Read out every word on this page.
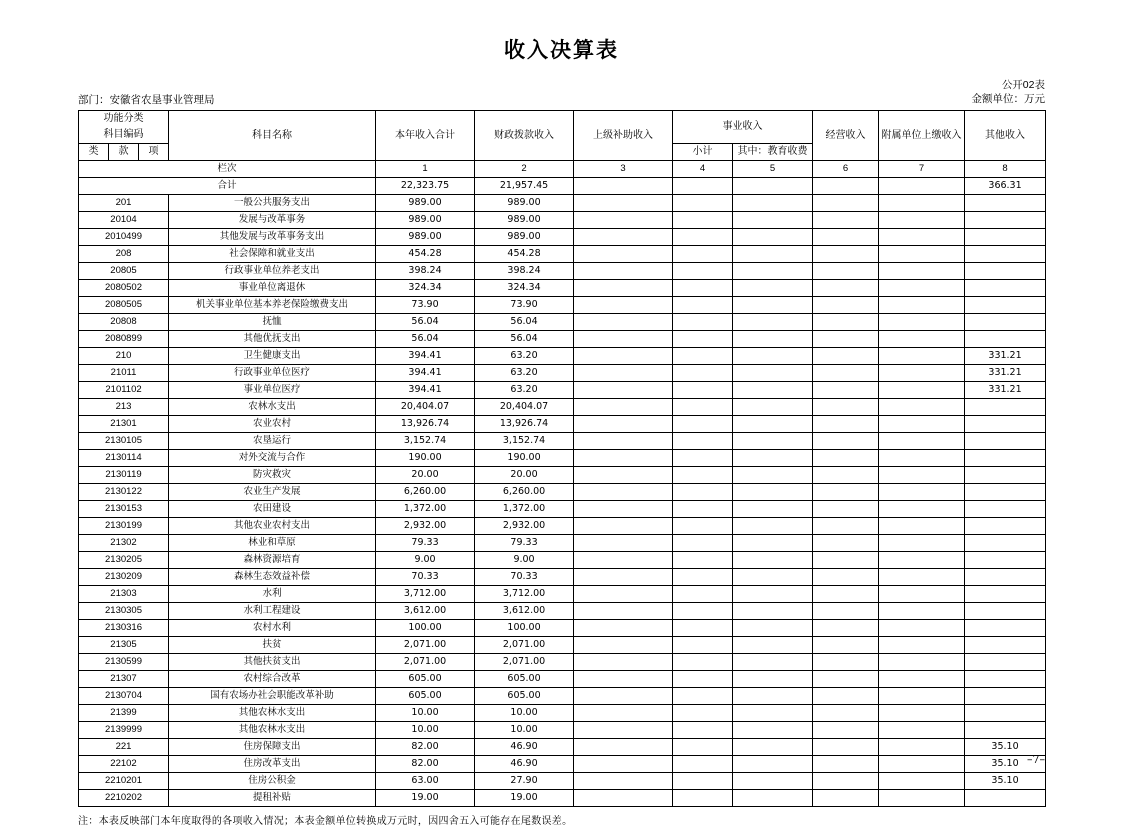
收入决算表
公开02表
金额单位：万元
部门：安徽省农垦事业管理局
功能分类
科目编码			科目名称	本年收入合计	财政拨款收入	上级补助收入	事业收入		经营收入	附属单位上缴收入	其他收入
类	款	项					小计	其中：教育收费			
栏次				1	2	3	4	5	6	7	8
合计				22,323.75	21,957.45						366.31
201			一般公共服务支出	989.00	989.00						
20104			发展与改革事务	989.00	989.00						
2010499			其他发展与改革事务支出	989.00	989.00						
208			社会保障和就业支出	454.28	454.28						
20805			行政事业单位养老支出	398.24	398.24						
2080502			事业单位离退休	324.34	324.34						
2080505			机关事业单位基本养老保险缴费支出	73.90	73.90						
20808			抚恤	56.04	56.04						
2080899			其他优抚支出	56.04	56.04						
210			卫生健康支出	394.41	63.20						331.21
21011			行政事业单位医疗	394.41	63.20						331.21
2101102			事业单位医疗	394.41	63.20						331.21
213			农林水支出	20,404.07	20,404.07						
21301			农业农村	13,926.74	13,926.74						
2130105			农垦运行	3,152.74	3,152.74						
2130114			对外交流与合作	190.00	190.00						
2130119			防灾救灾	20.00	20.00						
2130122			农业生产发展	6,260.00	6,260.00						
2130153			农田建设	1,372.00	1,372.00						
2130199			其他农业农村支出	2,932.00	2,932.00						
21302			林业和草原	79.33	79.33						
2130205			森林资源培育	9.00	9.00						
2130209			森林生态效益补偿	70.33	70.33						
21303			水利	3,712.00	3,712.00						
2130305			水利工程建设	3,612.00	3,612.00						
2130316			农村水利	100.00	100.00						
21305			扶贫	2,071.00	2,071.00						
2130599			其他扶贫支出	2,071.00	2,071.00						
21307			农村综合改革	605.00	605.00						
2130704			国有农场办社会职能改革补助	605.00	605.00						
21399			其他农林水支出	10.00	10.00						
2139999			其他农林水支出	10.00	10.00						
221			住房保障支出	82.00	46.90						35.10
22102			住房改革支出	82.00	46.90						35.10
2210201			住房公积金	63.00	27.90						35.10
2210202			提租补贴	19.00	19.00						
注：本表反映部门本年度取得的各项收入情况；本表金额单位转换成万元时，因四舍五入可能存在尾数误差。
–7–
